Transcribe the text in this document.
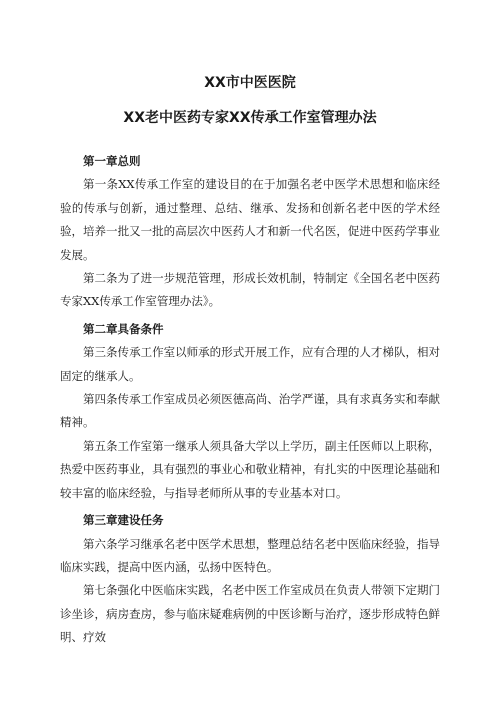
XX市中医医院
XX老中医药专家XX传承工作室管理办法

第一章总则

第一条XX传承工作室的建设目的在于加强名老中医学术思想和临床经验的传承与创新，通过整理、总结、继承、发扬和创新名老中医的学术经验，培养一批又一批的高层次中医药人才和新一代名医，促进中医药学事业发展。

第二条为了进一步规范管理，形成长效机制，特制定《全国名老中医药专家XX传承工作室管理办法》。

第二章具备条件

第三条传承工作室以师承的形式开展工作，应有合理的人才梯队，相对固定的继承人。

第四条传承工作室成员必须医德高尚、治学严谨，具有求真务实和奉献精神。

第五条工作室第一继承人须具备大学以上学历，副主任医师以上职称，热爱中医药事业，具有强烈的事业心和敬业精神，有扎实的中医理论基础和较丰富的临床经验，与指导老师所从事的专业基本对口。

第三章建设任务

第六条学习继承名老中医学术思想，整理总结名老中医临床经验，指导临床实践，提高中医内涵，弘扬中医特色。

第七条强化中医临床实践，名老中医工作室成员在负责人带领下定期门诊坐诊，病房查房，参与临床疑难病例的中医诊断与治疗，逐步形成特色鲜明、疗效
